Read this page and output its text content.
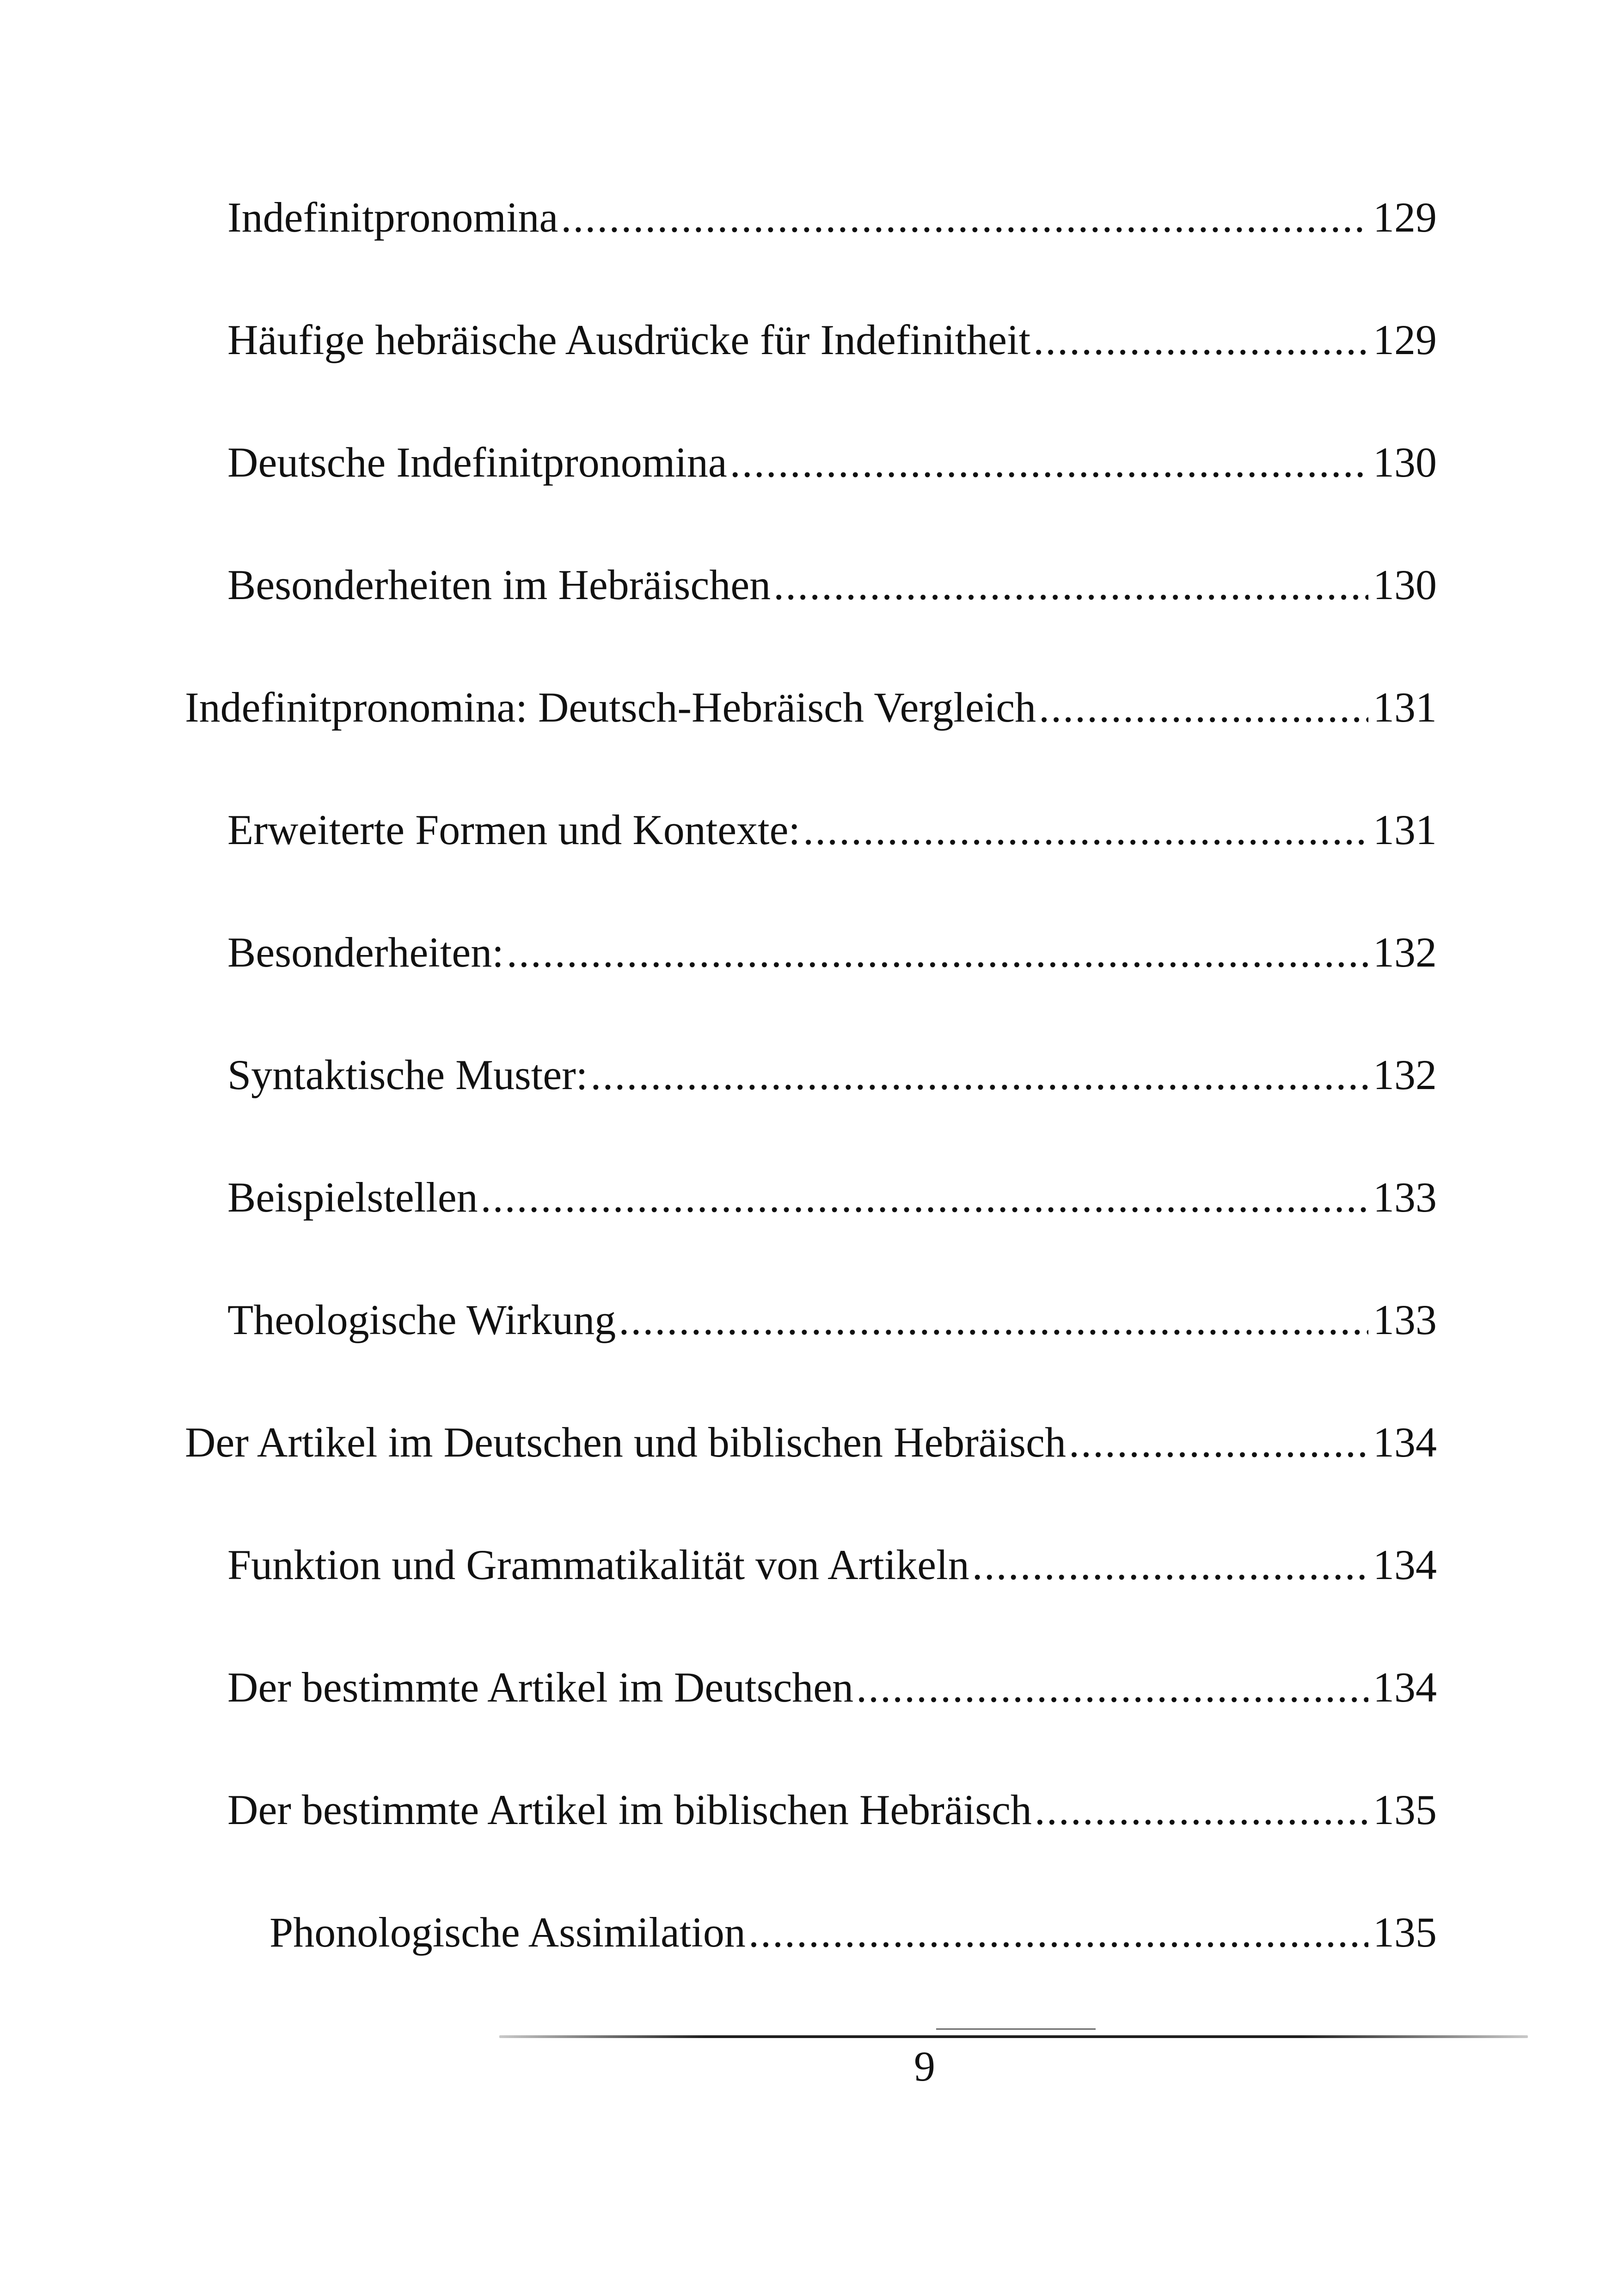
Indefinitpronomina .....	129
Häufige hebräische Ausdrücke für Indefinitheit .....	129
Deutsche Indefinitpronomina .....	130
Besonderheiten im Hebräischen .....	130
Indefinitpronomina: Deutsch-Hebräisch Vergleich .....	131
Erweiterte Formen und Kontexte: .....	131
Besonderheiten: .....	132
Syntaktische Muster: .....	132
Beispielstellen .....	133
Theologische Wirkung .....	133
Der Artikel im Deutschen und biblischen Hebräisch .....	134
Funktion und Grammatikalität von Artikeln .....	134
Der bestimmte Artikel im Deutschen .....	134
Der bestimmte Artikel im biblischen Hebräisch .....	135
Phonologische Assimilation .....	135
9
